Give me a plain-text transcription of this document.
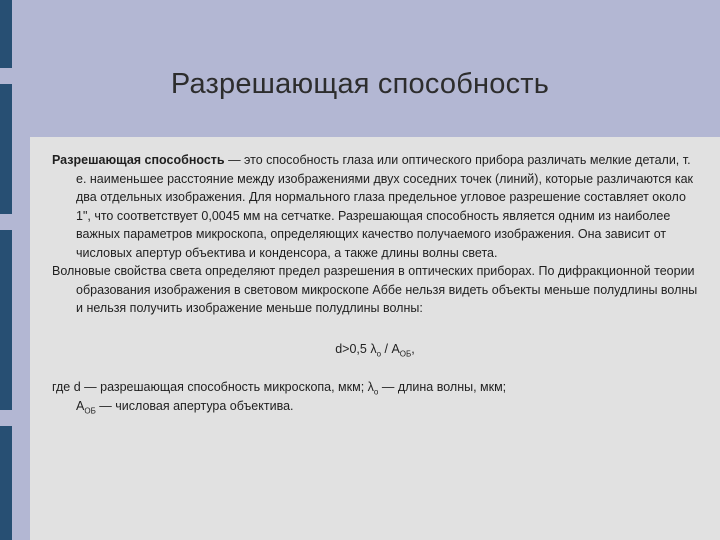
Разрешающая способность

Разрешающая способность — это способность глаза или оптического прибора различать мелкие детали, т. е. наименьшее расстояние между изображениями двух соседних точек (линий), которые различаются как два отдельных изображения. Для нормального глаза предельное угловое разрешение составляет около 1", что соответствует 0,0045 мм на сетчатке. Разрешающая способность является одним из наиболее важных параметров микроскопа, определяющих качество получаемого изображения. Она зависит от числовых апертур объектива и конденсора, а также длины волны света.

Волновые свойства света определяют предел разрешения в оптических приборах. По дифракционной теории образования изображения в световом микроскопе Аббе нельзя видеть объекты меньше полудлины волны и нельзя получить изображение меньше полудлины волны:

d>0,5 $\lambda_о / A_{ОБ}$,

где d — разрешающая способность микроскопа, мкм; $\lambda_о$ — длина волны, мкм;
$A_{ОБ}$ — числовая апертура объектива.
